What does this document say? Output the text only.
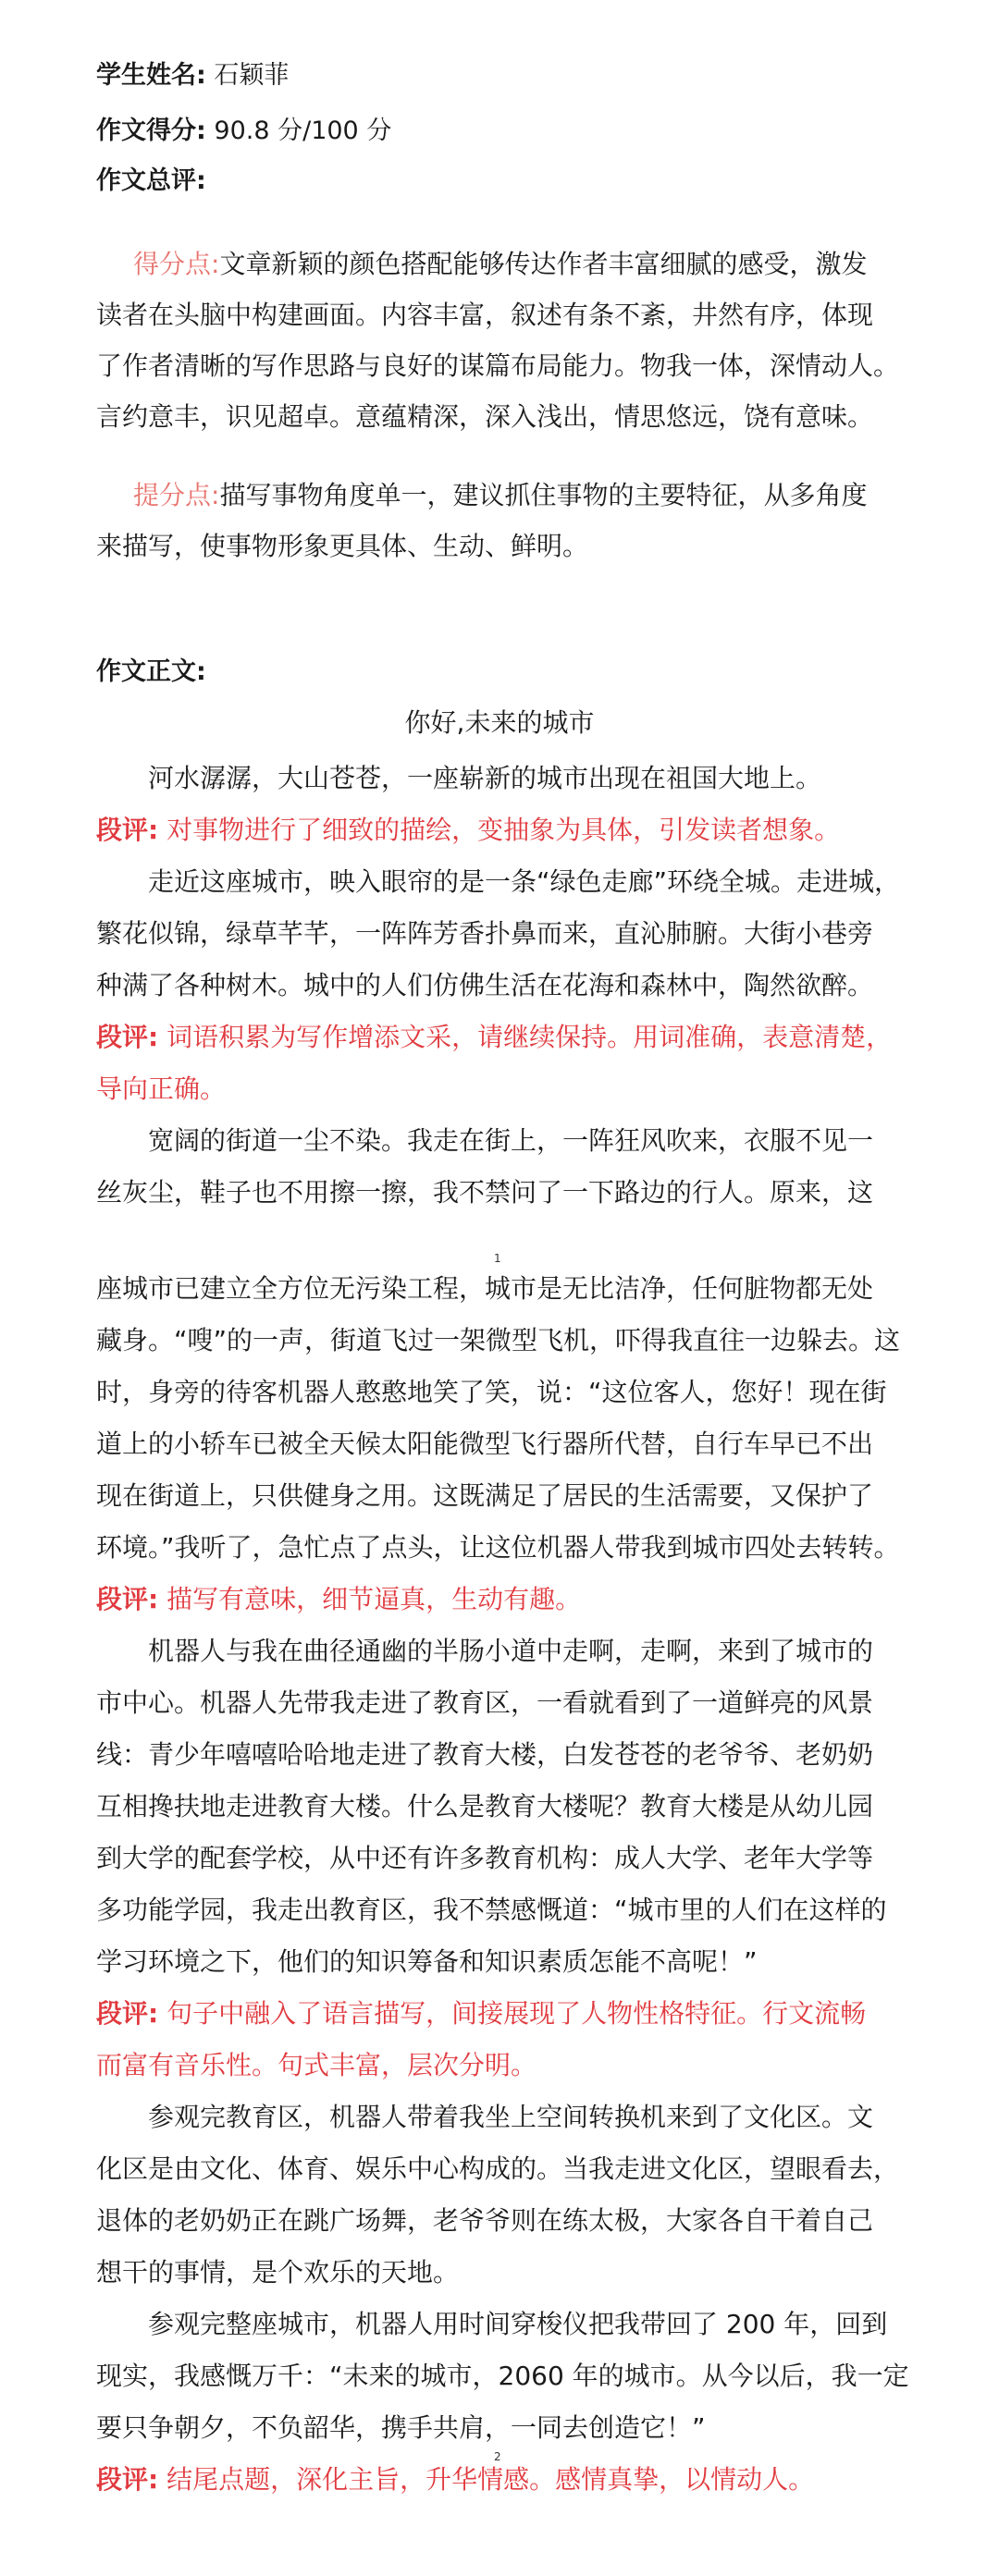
学生姓名: 石颖菲
作文得分: 90.8 分/100 分
作文总评:
得分点:文章新颖的颜色搭配能够传达作者丰富细腻的感受，激发
读者在头脑中构建画面。内容丰富，叙述有条不紊，井然有序，体现
了作者清晰的写作思路与良好的谋篇布局能力。物我一体，深情动人。
言约意丰，识见超卓。意蕴精深，深入浅出，情思悠远，饶有意味。
提分点:描写事物角度单一，建议抓住事物的主要特征，从多角度
来描写，使事物形象更具体、生动、鲜明。
作文正文:
你好,未来的城市
　　河水潺潺，大山苍苍，一座崭新的城市出现在祖国大地上。
段评: 对事物进行了细致的描绘，变抽象为具体，引发读者想象。
　　走近这座城市，映入眼帘的是一条“绿色走廊”环绕全城。走进城，
繁花似锦，绿草芊芊，一阵阵芳香扑鼻而来，直沁肺腑。大街小巷旁
种满了各种树木。城中的人们仿佛生活在花海和森林中，陶然欲醉。
段评: 词语积累为写作增添文采，请继续保持。用词准确，表意清楚，
导向正确。
　　宽阔的街道一尘不染。我走在街上，一阵狂风吹来，衣服不见一
丝灰尘，鞋子也不用擦一擦，我不禁问了一下路边的行人。原来，这
1
座城市已建立全方位无污染工程，城市是无比洁净，任何脏物都无处
藏身。“嗖”的一声，街道飞过一架微型飞机，吓得我直往一边躲去。这
时，身旁的待客机器人憨憨地笑了笑，说：“这位客人，您好！现在街
道上的小轿车已被全天候太阳能微型飞行器所代替，自行车早已不出
现在街道上，只供健身之用。这既满足了居民的生活需要，又保护了
环境。”我听了，急忙点了点头，让这位机器人带我到城市四处去转转。
段评: 描写有意味，细节逼真，生动有趣。
　　机器人与我在曲径通幽的半肠小道中走啊，走啊，来到了城市的
市中心。机器人先带我走进了教育区，一看就看到了一道鲜亮的风景
线：青少年嘻嘻哈哈地走进了教育大楼，白发苍苍的老爷爷、老奶奶
互相搀扶地走进教育大楼。什么是教育大楼呢？教育大楼是从幼儿园
到大学的配套学校，从中还有许多教育机构：成人大学、老年大学等
多功能学园，我走出教育区，我不禁感慨道：“城市里的人们在这样的
学习环境之下，他们的知识筹备和知识素质怎能不高呢！”
段评: 句子中融入了语言描写，间接展现了人物性格特征。行文流畅
而富有音乐性。句式丰富，层次分明。
　　参观完教育区，机器人带着我坐上空间转换机来到了文化区。文
化区是由文化、体育、娱乐中心构成的。当我走进文化区，望眼看去，
退体的老奶奶正在跳广场舞，老爷爷则在练太极，大家各自干着自己
想干的事情，是个欢乐的天地。
　　参观完整座城市，机器人用时间穿梭仪把我带回了 200 年，回到
现实，我感慨万千：“未来的城市，2060 年的城市。从今以后，我一定
要只争朝夕，不负韶华，携手共肩，一同去创造它！”
段评: 结尾点题，深化主旨，升华情感。感情真挚，以情动人。
2
